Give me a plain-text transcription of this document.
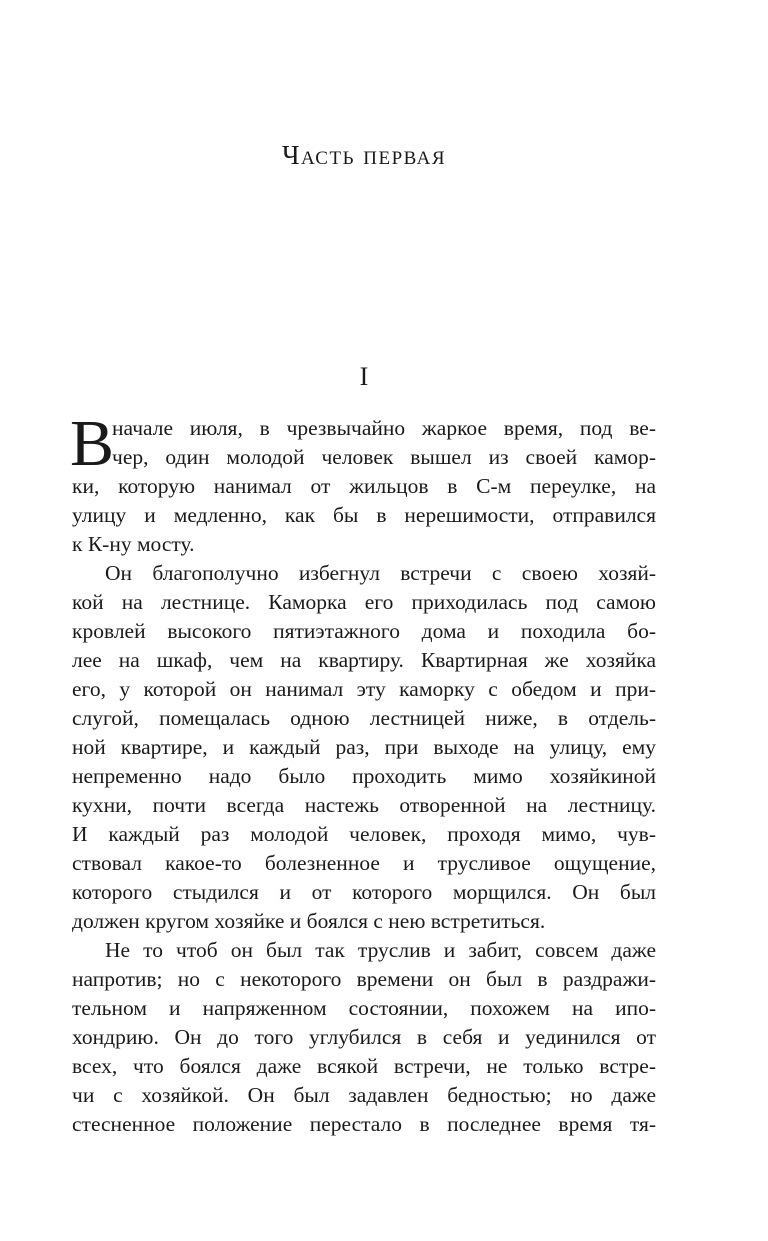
Часть первая
I
В
начале июля, в чрезвычайно жаркое время, под ве-
чер, один молодой человек вышел из своей камор-
ки, которую нанимал от жильцов в С-м переулке, на
улицу и медленно, как бы в нерешимости, отправился
к К-ну мосту.
Он благополучно избегнул встречи с своею хозяй-
кой на лестнице. Каморка его приходилась под самою
кровлей высокого пятиэтажного дома и походила бо-
лее на шкаф, чем на квартиру. Квартирная же хозяйка
его, у которой он нанимал эту каморку с обедом и при-
слугой, помещалась одною лестницей ниже, в отдель-
ной квартире, и каждый раз, при выходе на улицу, ему
непременно надо было проходить мимо хозяйкиной
кухни, почти всегда настежь отворенной на лестницу.
И каждый раз молодой человек, проходя мимо, чув-
ствовал какое-то болезненное и трусливое ощущение,
которого стыдился и от которого морщился. Он был
должен кругом хозяйке и боялся с нею встретиться.
Не то чтоб он был так труслив и забит, совсем даже
напротив; но с некоторого времени он был в раздражи-
тельном и напряженном состоянии, похожем на ипо-
хондрию. Он до того углубился в себя и уединился от
всех, что боялся даже всякой встречи, не только встре-
чи с хозяйкой. Он был задавлен бедностью; но даже
стесненное положение перестало в последнее время тя-
